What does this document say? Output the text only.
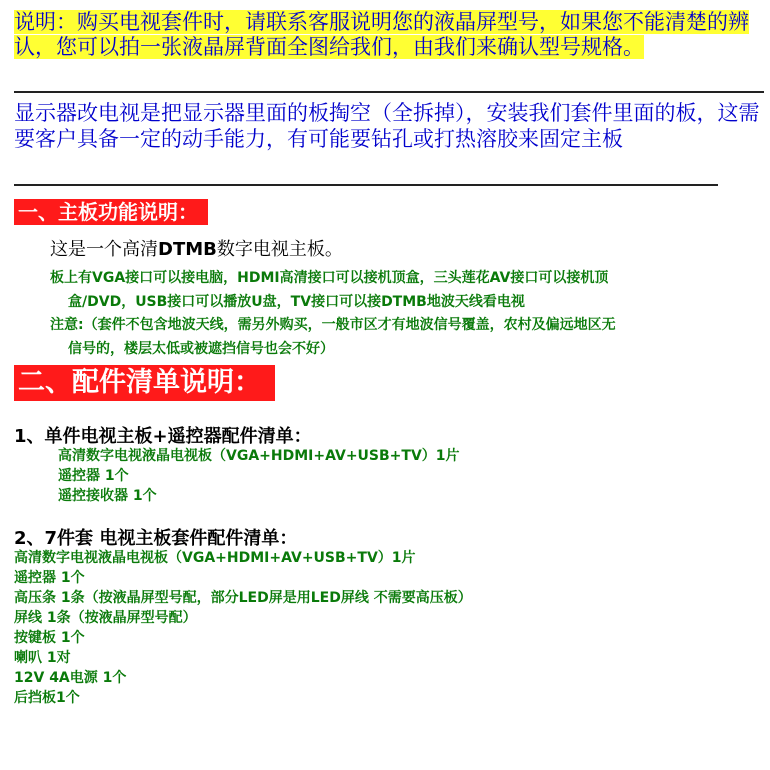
说明：购买电视套件时，请联系客服说明您的液晶屏型号，如果您不能清楚的辨认，您可以拍一张液晶屏背面全图给我们，由我们来确认型号规格。
显示器改电视是把显示器里面的板掏空（全拆掉），安装我们套件里面的板，这需要客户具备一定的动手能力，有可能要钻孔或打热溶胶来固定主板
一、主板功能说明：
这是一个高清DTMB数字电视主板。
板上有VGA接口可以接电脑，HDMI高清接口可以接机顶盒，三头莲花AV接口可以接机顶
盒/DVD，USB接口可以播放U盘，TV接口可以接DTMB地波天线看电视
注意:（套件不包含地波天线，需另外购买，一般市区才有地波信号覆盖，农村及偏远地区无
信号的，楼层太低或被遮挡信号也会不好）
二、配件清单说明：
1、单件电视主板+遥控器配件清单：
高清数字电视液晶电视板（VGA+HDMI+AV+USB+TV）1片
遥控器 1个
遥控接收器 1个
2、7件套 电视主板套件配件清单：
高清数字电视液晶电视板（VGA+HDMI+AV+USB+TV）1片
遥控器 1个
高压条 1条（按液晶屏型号配，部分LED屏是用LED屏线 不需要高压板）
屏线 1条（按液晶屏型号配）
按键板 1个
喇叭 1对
12V 4A电源 1个
后挡板1个
